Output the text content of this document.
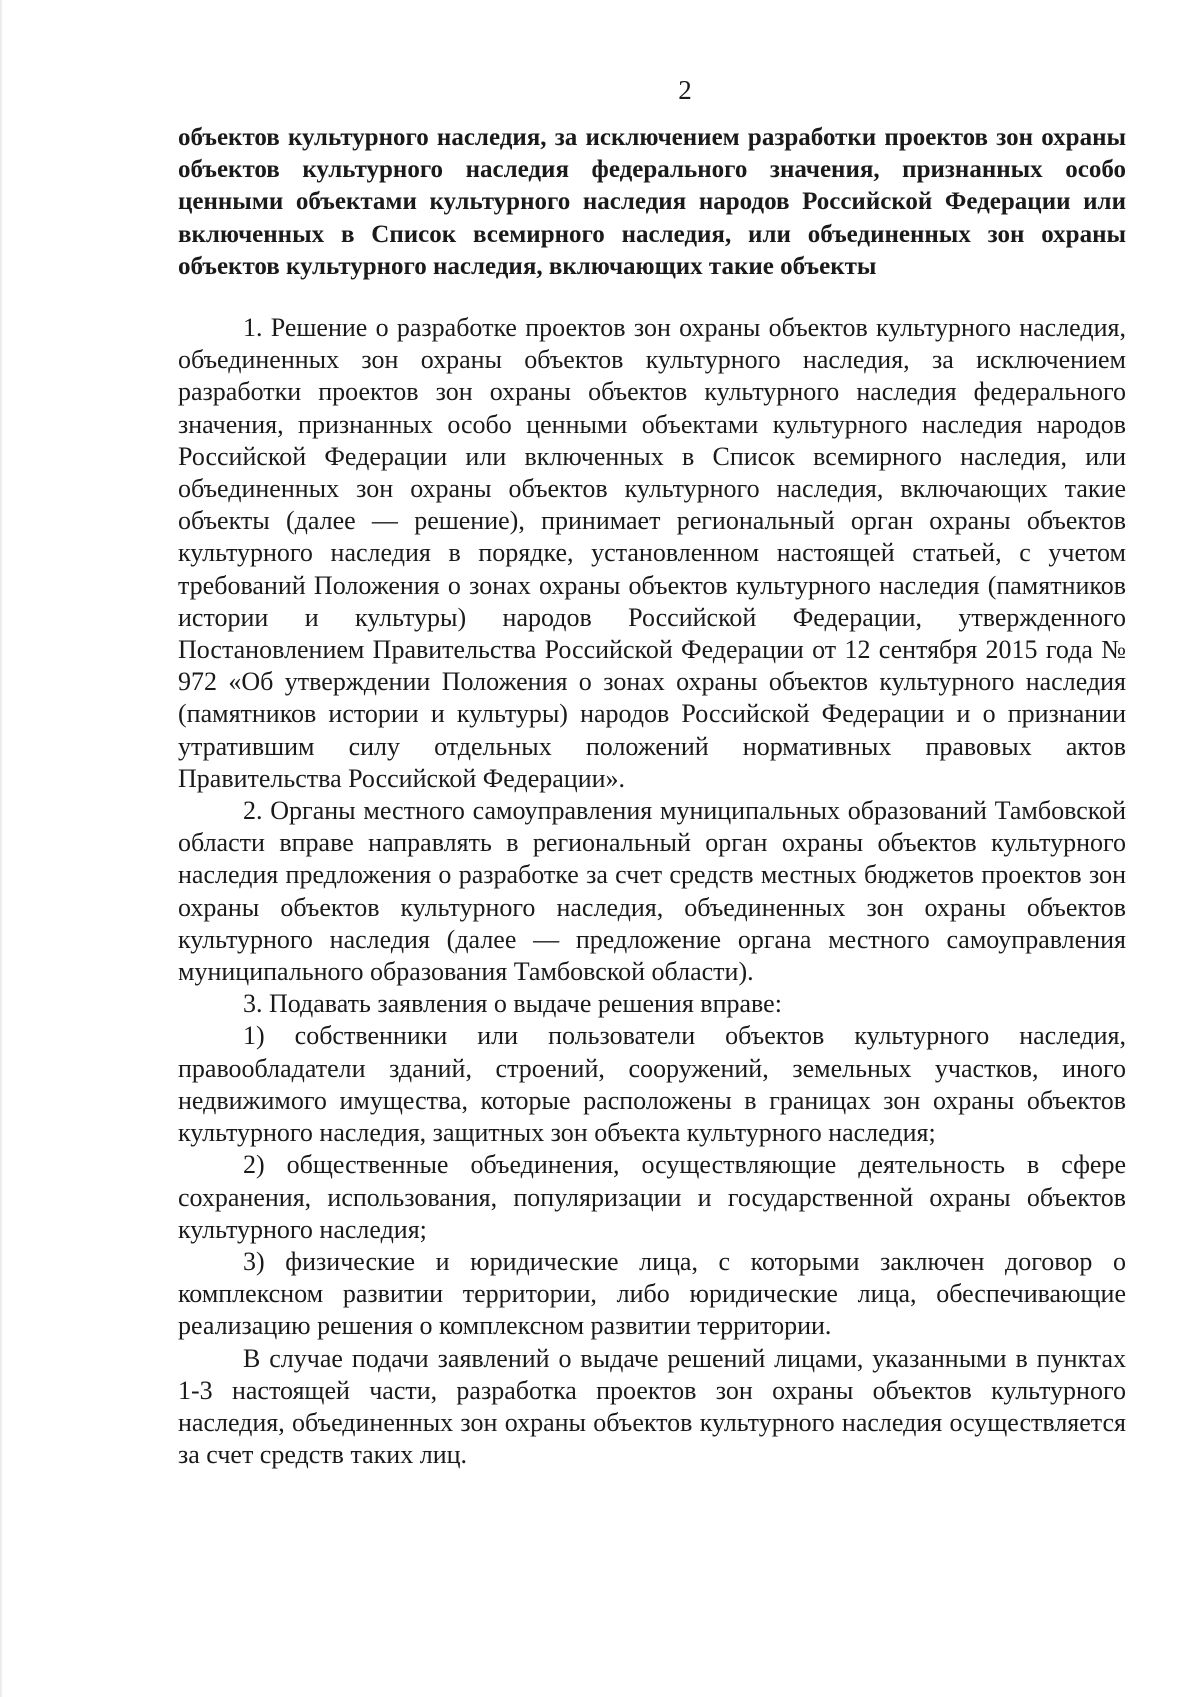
2

объектов культурного наследия, за исключением разработки проектов зон охраны объектов культурного наследия федерального значения, признанных особо ценными объектами культурного наследия народов Российской Федерации или включенных в Список всемирного наследия, или объединенных зон охраны объектов культурного наследия, включающих такие объекты

1. Решение о разработке проектов зон охраны объектов культурного наследия, объединенных зон охраны объектов культурного наследия, за исключением разработки проектов зон охраны объектов культурного наследия федерального значения, признанных особо ценными объектами культурного наследия народов Российской Федерации или включенных в Список всемирного наследия, или объединенных зон охраны объектов культурного наследия, включающих такие объекты (далее — решение), принимает региональный орган охраны объектов культурного наследия в порядке, установленном настоящей статьей, с учетом требований Положения о зонах охраны объектов культурного наследия (памятников истории и культуры) народов Российской Федерации, утвержденного Постановлением Правительства Российской Федерации от 12 сентября 2015 года № 972 «Об утверждении Положения о зонах охраны объектов культурного наследия (памятников истории и культуры) народов Российской Федерации и о признании утратившим силу отдельных положений нормативных правовых актов Правительства Российской Федерации».

2. Органы местного самоуправления муниципальных образований Тамбовской области вправе направлять в региональный орган охраны объектов культурного наследия предложения о разработке за счет средств местных бюджетов проектов зон охраны объектов культурного наследия, объединенных зон охраны объектов культурного наследия (далее — предложение органа местного самоуправления муниципального образования Тамбовской области).

3. Подавать заявления о выдаче решения вправе:

1) собственники или пользователи объектов культурного наследия, правообладатели зданий, строений, сооружений, земельных участков, иного недвижимого имущества, которые расположены в границах зон охраны объектов культурного наследия, защитных зон объекта культурного наследия;

2) общественные объединения, осуществляющие деятельность в сфере сохранения, использования, популяризации и государственной охраны объектов культурного наследия;

3) физические и юридические лица, с которыми заключен договор о комплексном развитии территории, либо юридические лица, обеспечивающие реализацию решения о комплексном развитии территории.

В случае подачи заявлений о выдаче решений лицами, указанными в пунктах 1-3 настоящей части, разработка проектов зон охраны объектов культурного наследия, объединенных зон охраны объектов культурного наследия осуществляется за счет средств таких лиц.
